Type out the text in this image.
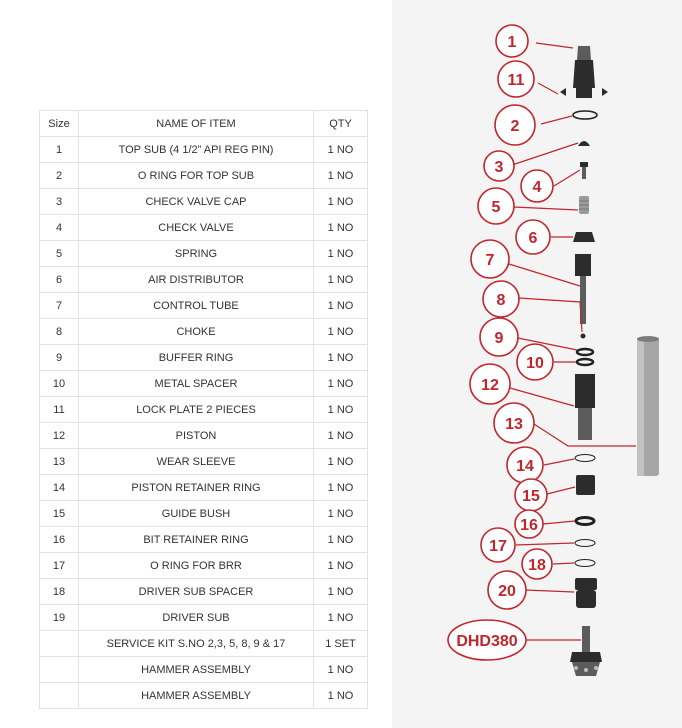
Size	NAME OF ITEM	QTY
1	TOP SUB (4 1/2” API REG PIN)	1 NO
2	O RING FOR TOP SUB	1 NO
3	CHECK VALVE CAP	1 NO
4	CHECK VALVE	1 NO
5	SPRING	1 NO
6	AIR DISTRIBUTOR	1 NO
7	CONTROL TUBE	1 NO
8	CHOKE	1 NO
9	BUFFER RING	1 NO
10	METAL SPACER	1 NO
11	LOCK PLATE 2 PIECES	1 NO
12	PISTON	1 NO
13	WEAR SLEEVE	1 NO
14	PISTON RETAINER RING	1 NO
15	GUIDE BUSH	1 NO
16	BIT RETAINER RING	1 NO
17	O RING FOR BRR	1 NO
18	DRIVER SUB SPACER	1 NO
19	DRIVER SUB	1 NO
	SERVICE KIT S.NO 2,3, 5, 8, 9 & 17	1 SET
	HAMMER ASSEMBLY	1 NO
	HAMMER ASSEMBLY	1 NO
1
11
2
3
4
5
6
7
8
9
10
12
13
14
15
16
17
18
20
DHD380
